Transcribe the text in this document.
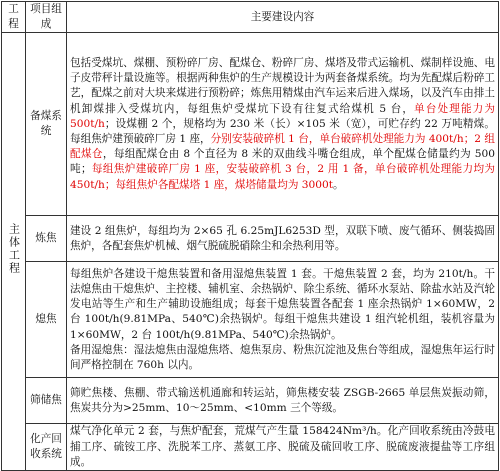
工程	项目组成	主要建设内容
主体工程	备煤系统	包括受煤坑、煤棚、预粉碎厂房、配煤仓、粉碎厂房、煤塔及带式运输机、煤制样设施、电子皮带秤计量设施等。根据两种焦炉的生产规模设计为两套备煤系统。均为先配煤后粉碎工艺，配煤之前对大块来煤进行预粉碎；炼焦用精煤由汽车运来后进入煤场，以及汽车由排土机卸煤排入受煤坑内，每组焦炉受煤坑下设有往复式给煤机 5 台，单台处理能力为 500t/h；设煤棚 2 个，规格均为 230 米（长）×105 米（宽），可贮存约 22 万吨精煤。每组焦炉建预破碎厂房 1 座，分别安装破碎机 1 台，单台破碎机处理能力为 400t/h；2 组配煤仓，每组配煤仓由 8 个直径为 8 米的双曲线斗嘴仓组成，单个配煤仓储量约为 500 吨；每组焦炉建破碎厂房 1 座，安装破碎机 3 台，2 用 1 备，单台破碎机处理能力均为 450t/h；每组焦炉各配煤塔 1 座，煤塔储量均为 3000t。
	炼焦	建设 2 组焦炉，每组均为 2×65 孔 6.25mJL6253D 型，双联下喷、废气循环、侧装捣固焦炉，各配套焦炉机械、烟气脱硫脱硝除尘和余热利用等。
	熄焦	每组焦炉各建设干熄焦装置和备用湿熄焦装置 1 套。干熄焦装置 2 套，均为 210t/h。干法熄焦由干熄焦炉、主控楼、辅机室、余热锅炉、除尘系统、循环水泵站、除盐水站及汽轮发电站等生产和生产辅助设施组成；每套干熄焦装置各配套 1 座余热锅炉 1×60MW，2 台 100t/h(9.81MPa、540℃)余热锅炉。每组干熄焦共建设 1 组汽轮机组，装机容量为 1×60MW，2 台 100t/h(9.81MPa、540℃)余热锅炉。
备用湿熄焦：湿法熄焦由湿熄焦塔、熄焦泵房、粉焦沉淀池及焦台等组成，湿熄焦年运行时间严格控制在 760h 以内。
	筛储焦	筛贮焦楼、焦棚、带式输送机通廊和转运站，筛焦楼安装 ZSGB-2665 单层焦炭振动筛，焦炭共分为>25mm、10～25mm、<10mm 三个等级。
	化产回收系统	煤气净化单元 2 套，与焦炉配套，荒煤气产生量 158424Nm³/h。化产回收系统由冷鼓电捕工序、硫铵工序、洗脱苯工序、蒸氨工序、脱硫及硫回收工序、脱硫废液提盐等工序组成。
